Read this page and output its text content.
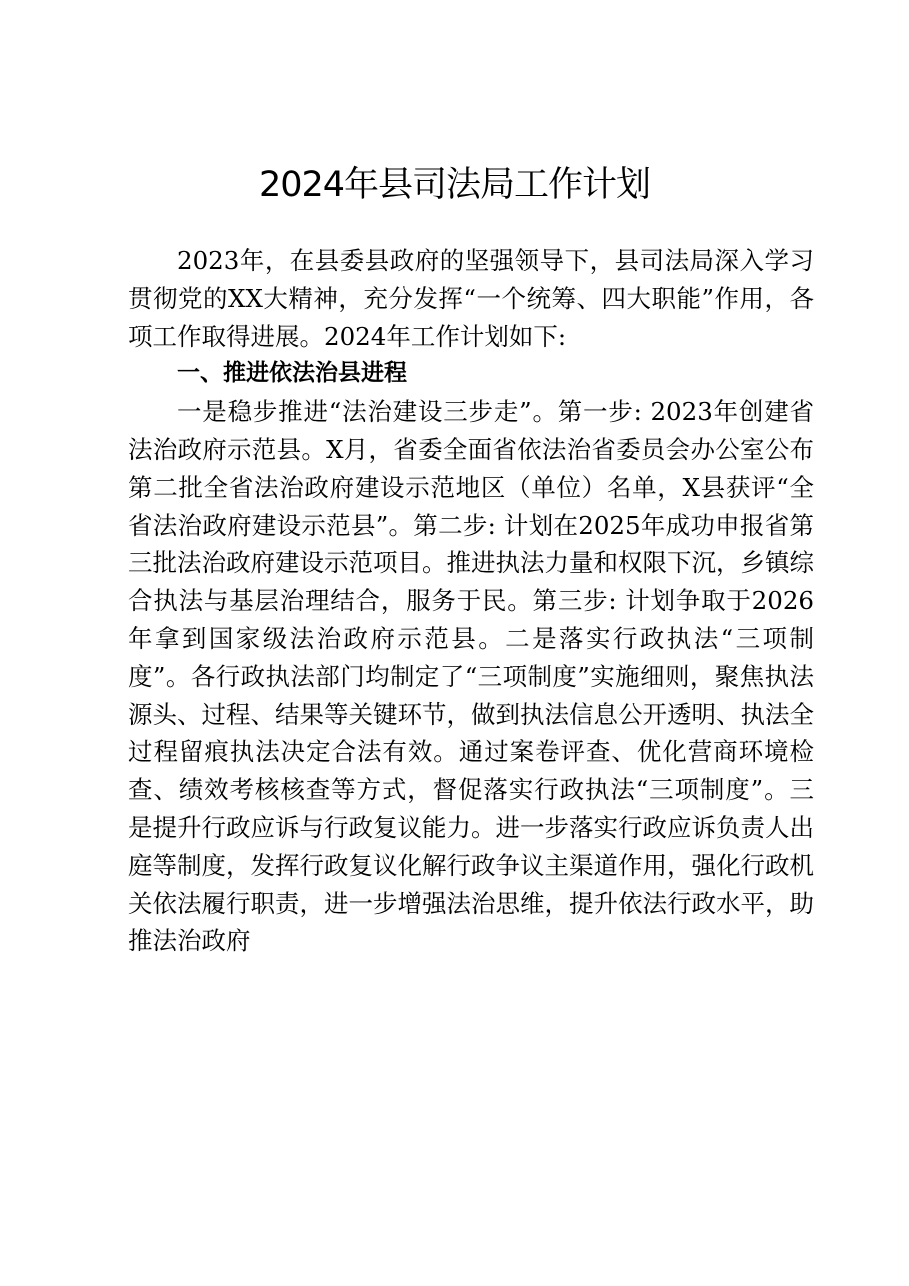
2024年县司法局工作计划

2023年，在县委县政府的坚强领导下，县司法局深入学习贯彻党的XX大精神，充分发挥“一个统筹、四大职能”作用，各项工作取得进展。2024年工作计划如下:

一、推进依法治县进程

一是稳步推进“法治建设三步走”。第一步: 2023年创建省法治政府示范县。X月，省委全面省依法治省委员会办公室公布第二批全省法治政府建设示范地区（单位）名单，X县获评“全省法治政府建设示范县”。第二步: 计划在2025年成功申报省第三批法治政府建设示范项目。推进执法力量和权限下沉，乡镇综合执法与基层治理结合，服务于民。第三步: 计划争取于2026年拿到国家级法治政府示范县。二是落实行政执法“三项制度”。各行政执法部门均制定了“三项制度”实施细则，聚焦执法源头、过程、结果等关键环节，做到执法信息公开透明、执法全过程留痕执法决定合法有效。通过案卷评查、优化营商环境检查、绩效考核核查等方式，督促落实行政执法“三项制度”。三是提升行政应诉与行政复议能力。进一步落实行政应诉负责人出庭等制度，发挥行政复议化解行政争议主渠道作用，强化行政机关依法履行职责，进一步增强法治思维，提升依法行政水平，助推法治政府
